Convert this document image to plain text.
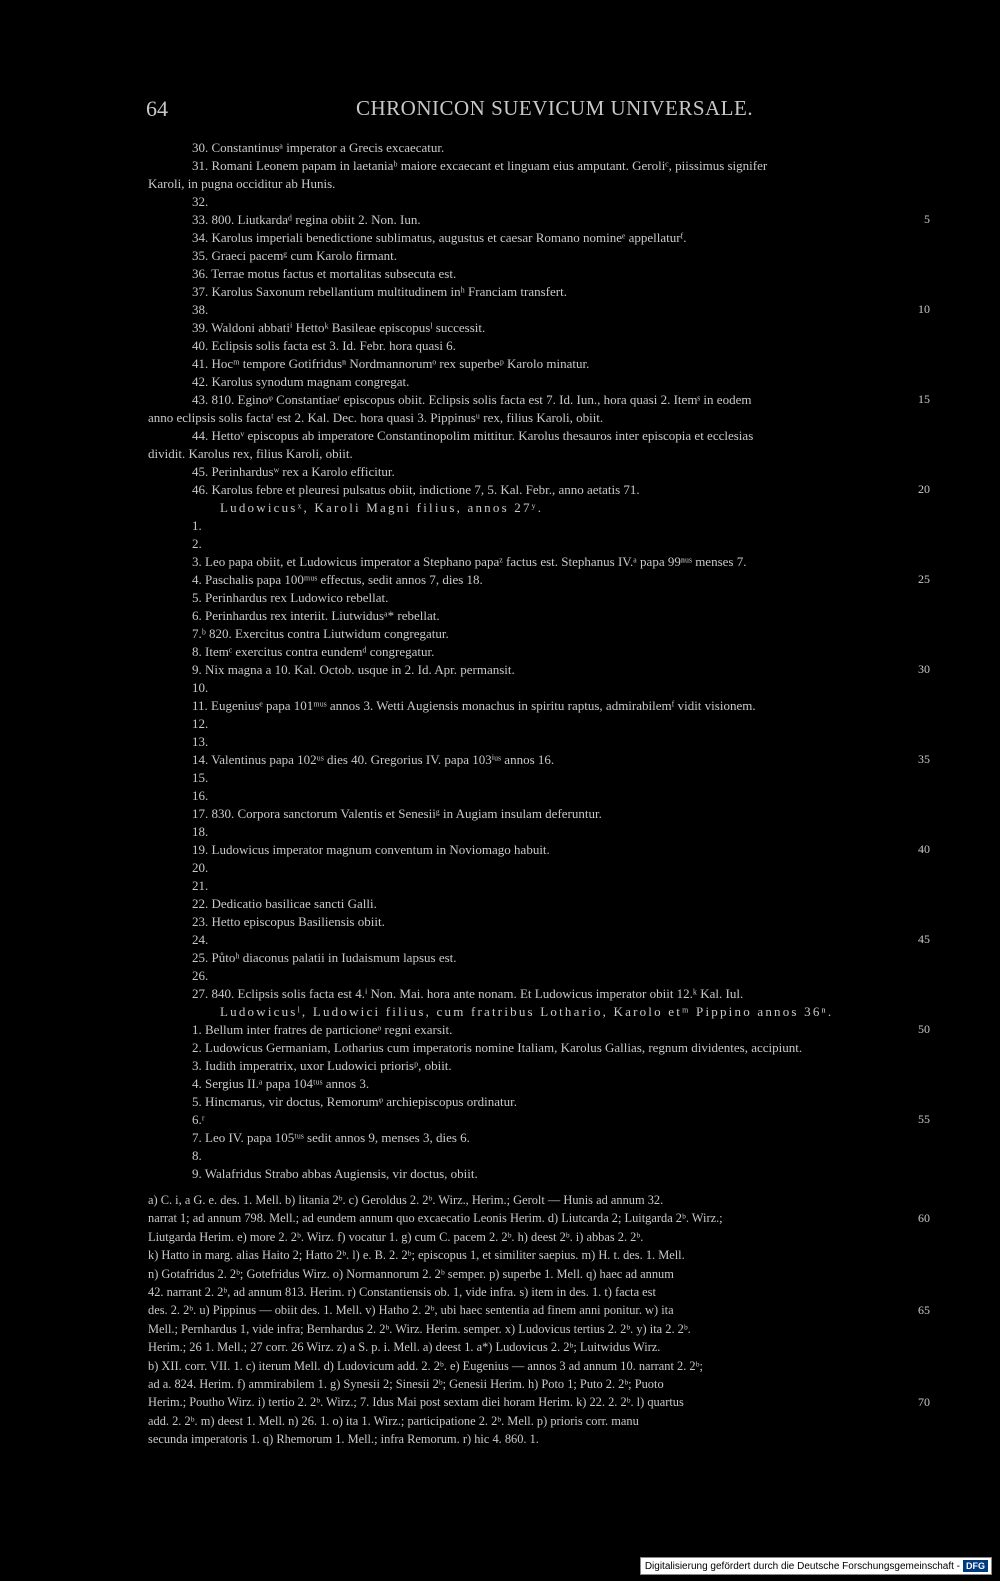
64	CHRONICON SUEVICUM UNIVERSALE.
30. Constantinusᵃ imperator a Grecis excaecatur.
31. Romani Leonem papam in laetaniaᵇ maiore excaecant et linguam eius amputant. Geroliᶜ, piissimus signifer
Karoli, in pugna occiditur ab Hunis.
32.
33. 800. Liutkardaᵈ regina obiit 2. Non. Iun.	5
34. Karolus imperiali benedictione sublimatus, augustus et caesar Romano nomineᵉ appellaturᶠ.
35. Graeci pacemᵍ cum Karolo firmant.
36. Terrae motus factus et mortalitas subsecuta est.
37. Karolus Saxonum rebellantium multitudinem inʰ Franciam transfert.
38.	10
39. Waldoni abbatiⁱ Hettoᵏ Basileae episcopusˡ successit.
40. Eclipsis solis facta est 3. Id. Febr. hora quasi 6.
41. Hocᵐ tempore Gotifridusⁿ Nordmannorumᵒ rex superbeᵖ Karolo minatur.
42. Karolus synodum magnam congregat.
43. 810. Eginoᵠ Constantiaeʳ episcopus obiit. Eclipsis solis facta est 7. Id. Iun., hora quasi 2. Itemˢ in eodem	15
anno eclipsis solis factaᵗ est 2. Kal. Dec. hora quasi 3. Pippinusᵘ rex, filius Karoli, obiit.
44. Hettoᵛ episcopus ab imperatore Constantinopolim mittitur. Karolus thesauros inter episcopia et ecclesias
dividit. Karolus rex, filius Karoli, obiit.
45. Perinhardusʷ rex a Karolo efficitur.
46. Karolus febre et pleuresi pulsatus obiit, indictione 7, 5. Kal. Febr., anno aetatis 71.	20
Ludowicusˣ, Karoli Magni filius, annos 27ʸ.
1.
2.
3. Leo papa obiit, et Ludowicus imperator a Stephano papaᶻ factus est. Stephanus IV.ᵃ papa 99ⁿᵘˢ menses 7.
4. Paschalis papa 100ᵐᵘˢ effectus, sedit annos 7, dies 18.	25
5. Perinhardus rex Ludowico rebellat.
6. Perinhardus rex interiit. Liutwidusᵃ* rebellat.
7.ᵇ 820. Exercitus contra Liutwidum congregatur.
8. Itemᶜ exercitus contra eundemᵈ congregatur.
9. Nix magna a 10. Kal. Octob. usque in 2. Id. Apr. permansit.	30
10.
11. Eugeniusᵉ papa 101ᵐᵘˢ annos 3. Wetti Augiensis monachus in spiritu raptus, admirabilemᶠ vidit visionem.
12.
13.
14. Valentinus papa 102ᵘˢ dies 40. Gregorius IV. papa 103ⁱᵘˢ annos 16.	35
15.
16.
17. 830. Corpora sanctorum Valentis et Senesiiᵍ in Augiam insulam deferuntur.
18.
19. Ludowicus imperator magnum conventum in Noviomago habuit.	40
20.
21.
22. Dedicatio basilicae sancti Galli.
23. Hetto episcopus Basiliensis obiit.
24.	45
25. Půtoʰ diaconus palatii in Iudaismum lapsus est.
26.
27. 840. Eclipsis solis facta est 4.ⁱ Non. Mai. hora ante nonam. Et Ludowicus imperator obiit 12.ᵏ Kal. Iul.
Ludowicusˡ, Ludowici filius, cum fratribus Lothario, Karolo etᵐ Pippino annos 36ⁿ.
1. Bellum inter fratres de particioneᵒ regni exarsit.	50
2. Ludowicus Germaniam, Lotharius cum imperatoris nomine Italiam, Karolus Gallias, regnum dividentes, accipiunt.
3. Iudith imperatrix, uxor Ludowici priorisᵖ, obiit.
4. Sergius II.ᵃ papa 104ᵗᵘˢ annos 3.
5. Hincmarus, vir doctus, Remorumᵠ archiepiscopus ordinatur.
6.ʳ	55
7. Leo IV. papa 105ᵗᵘˢ sedit annos 9, menses 3, dies 6.
8.
9. Walafridus Strabo abbas Augiensis, vir doctus, obiit.
a) C. i, a G. e. des. 1. Mell. b) litania 2ᵇ. c) Geroldus 2. 2ᵇ. Wirz., Herim.; Gerolt — Hunis ad annum 32.
narrat 1; ad annum 798. Mell.; ad eundem annum quo excaecatio Leonis Herim. d) Liutcarda 2; Luitgarda 2ᵇ. Wirz.;	60
Liutgarda Herim. e) more 2. 2ᵇ. Wirz. f) vocatur 1. g) cum C. pacem 2. 2ᵇ. h) deest 2ᵇ. i) abbas 2. 2ᵇ.
k) Hatto in marg. alias Haito 2; Hatto 2ᵇ. l) e. B. 2. 2ᵇ; episcopus 1, et similiter saepius. m) H. t. des. 1. Mell.
n) Gotafridus 2. 2ᵇ; Gotefridus Wirz. o) Normannorum 2. 2ᵇ semper. p) superbe 1. Mell. q) haec ad annum
42. narrant 2. 2ᵇ, ad annum 813. Herim. r) Constantiensis ob. 1, vide infra. s) item in des. 1. t) facta est
des. 2. 2ᵇ. u) Pippinus — obiit des. 1. Mell. v) Hatho 2. 2ᵇ, ubi haec sententia ad finem anni ponitur. w) ita	65
Mell.; Pernhardus 1, vide infra; Bernhardus 2. 2ᵇ. Wirz. Herim. semper. x) Ludovicus tertius 2. 2ᵇ. y) ita 2. 2ᵇ.
Herim.; 26 1. Mell.; 27 corr. 26 Wirz. z) a S. p. i. Mell. a) deest 1. a*) Ludovicus 2. 2ᵇ; Luitwidus Wirz.
b) XII. corr. VII. 1. c) iterum Mell. d) Ludovicum add. 2. 2ᵇ. e) Eugenius — annos 3 ad annum 10. narrant 2. 2ᵇ;
ad a. 824. Herim. f) ammirabilem 1. g) Synesii 2; Sinesii 2ᵇ; Genesii Herim. h) Poto 1; Puto 2. 2ᵇ; Puoto
Herim.; Poutho Wirz. i) tertio 2. 2ᵇ. Wirz.; 7. Idus Mai post sextam diei horam Herim. k) 22. 2. 2ᵇ. l) quartus	70
add. 2. 2ᵇ. m) deest 1. Mell. n) 26. 1. o) ita 1. Wirz.; participatione 2. 2ᵇ. Mell. p) prioris corr. manu
secunda imperatoris 1. q) Rhemorum 1. Mell.; infra Remorum. r) hic 4. 860. 1.
Digitalisierung gefördert durch die Deutsche Forschungsgemeinschaft - DFG
